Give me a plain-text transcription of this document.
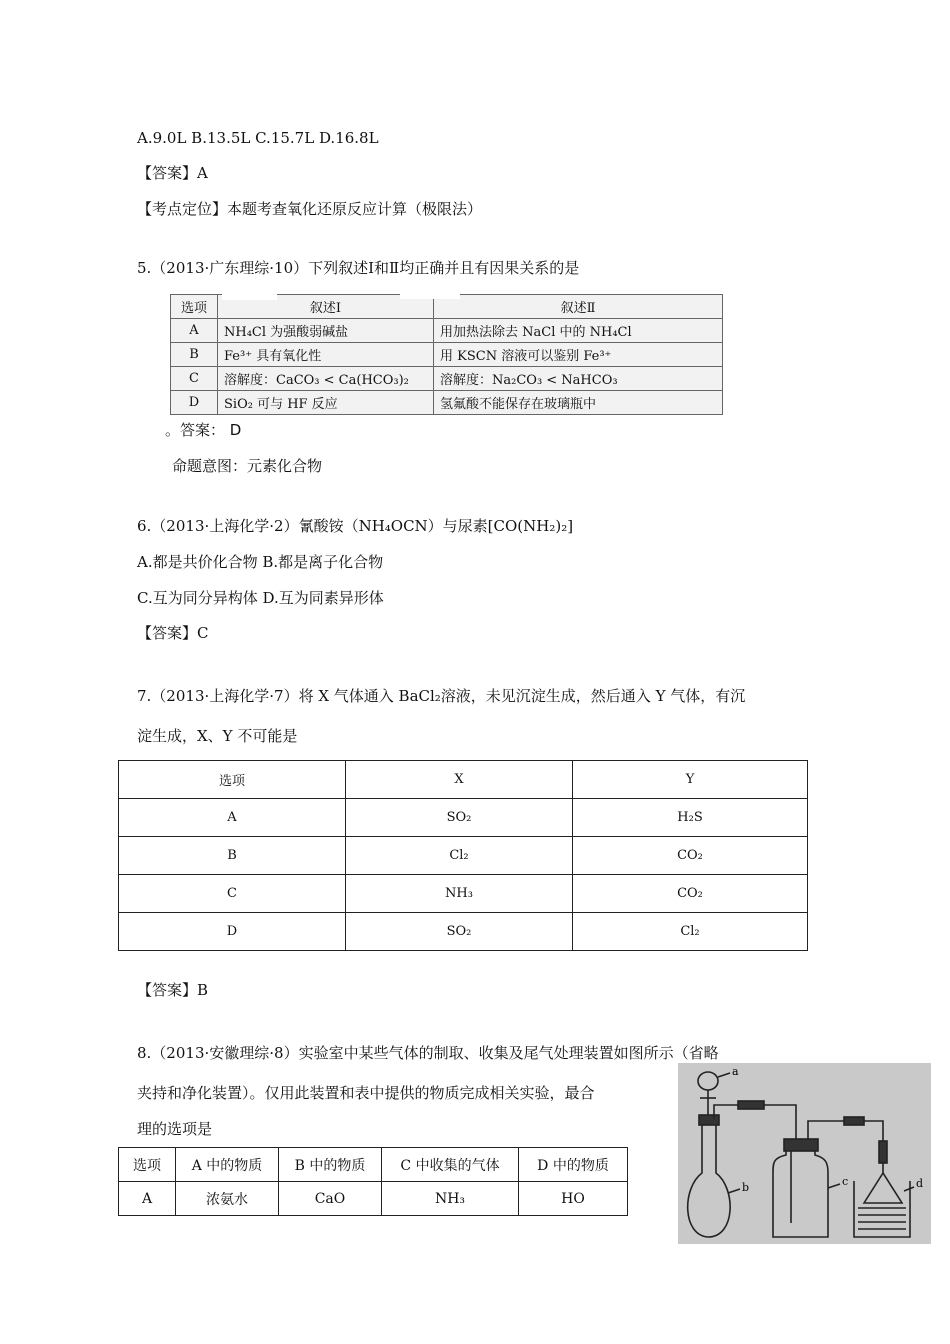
A.9.0L B.13.5L C.15.7L D.16.8L
【答案】A
【考点定位】本题考查氧化还原反应计算（极限法）
5.（2013·广东理综·10）下列叙述Ⅰ和Ⅱ均正确并且有因果关系的是
选项	叙述Ⅰ	叙述Ⅱ
A	NH₄Cl 为强酸弱碱盐	用加热法除去 NaCl 中的 NH₄Cl
B	Fe³⁺ 具有氧化性	用 KSCN 溶液可以鉴别 Fe³⁺
C	溶解度：CaCO₃ < Ca(HCO₃)₂	溶解度：Na₂CO₃ < NaHCO₃
D	SiO₂ 可与 HF 反应	氢氟酸不能保存在玻璃瓶中
。答案： D
命题意图：元素化合物
6.（2013·上海化学·2）氰酸铵（NH₄OCN）与尿素[CO(NH₂)₂]
A.都是共价化合物 B.都是离子化合物
C.互为同分异构体 D.互为同素异形体
【答案】C
7.（2013·上海化学·7）将 X 气体通入 BaCl₂溶液，未见沉淀生成，然后通入 Y 气体，有沉
淀生成，X、Y 不可能是
选项	X	Y
A	SO₂	H₂S
B	Cl₂	CO₂
C	NH₃	CO₂
D	SO₂	Cl₂
【答案】B
8.（2013·安徽理综·8）实验室中某些气体的制取、收集及尾气处理装置如图所示（省略
夹持和净化装置）。仅用此装置和表中提供的物质完成相关实验，最合
理的选项是
选项	A 中的物质	B 中的物质	C 中收集的气体	D 中的物质
A	浓氨水	CaO	NH₃	HO
a
b	c	d
